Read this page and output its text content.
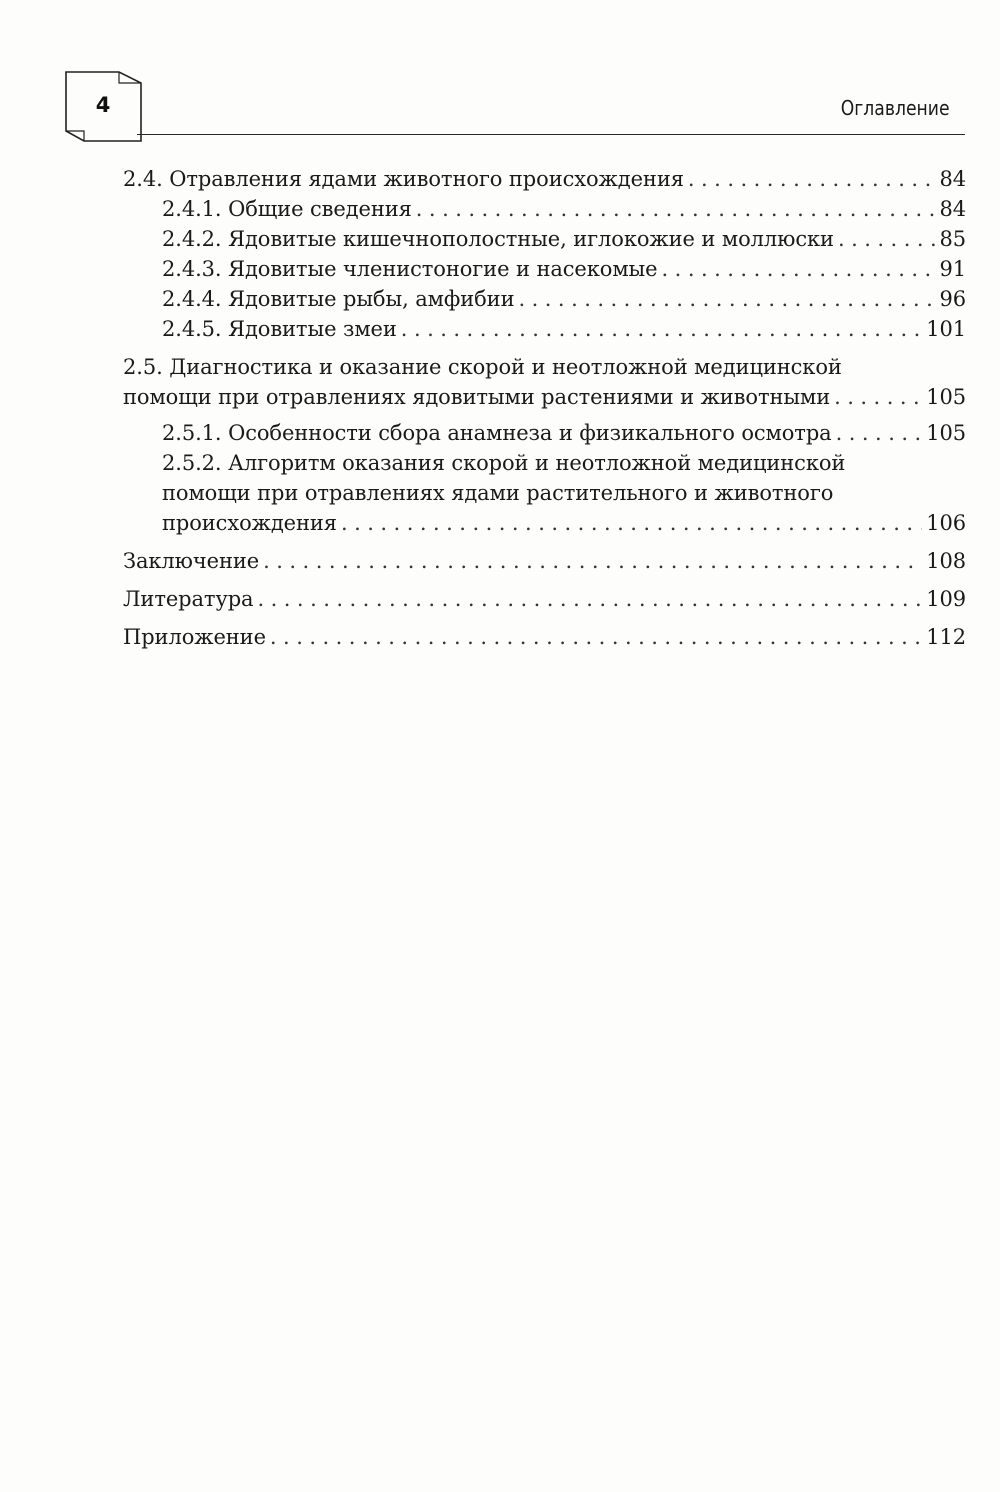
4	Оглавление
2.4. Отравления ядами животного происхождения . . .	84
2.4.1. Общие сведения . . .	84
2.4.2. Ядовитые кишечнополостные, иглокожие и моллюски . . .	85
2.4.3. Ядовитые членистоногие и насекомые . . .	91
2.4.4. Ядовитые рыбы, амфибии . . .	96
2.4.5. Ядовитые змеи . . .	101
2.5. Диагностика и оказание скорой и неотложной медицинской
помощи при отравлениях ядовитыми растениями и животными . . .	105
2.5.1. Особенности сбора анамнеза и физикального осмотра . . .	105
2.5.2. Алгоритм оказания скорой и неотложной медицинской
помощи при отравлениях ядами растительного и животного
происхождения . . .	106
Заключение . . .	108
Литература . . .	109
Приложение . . .	112
